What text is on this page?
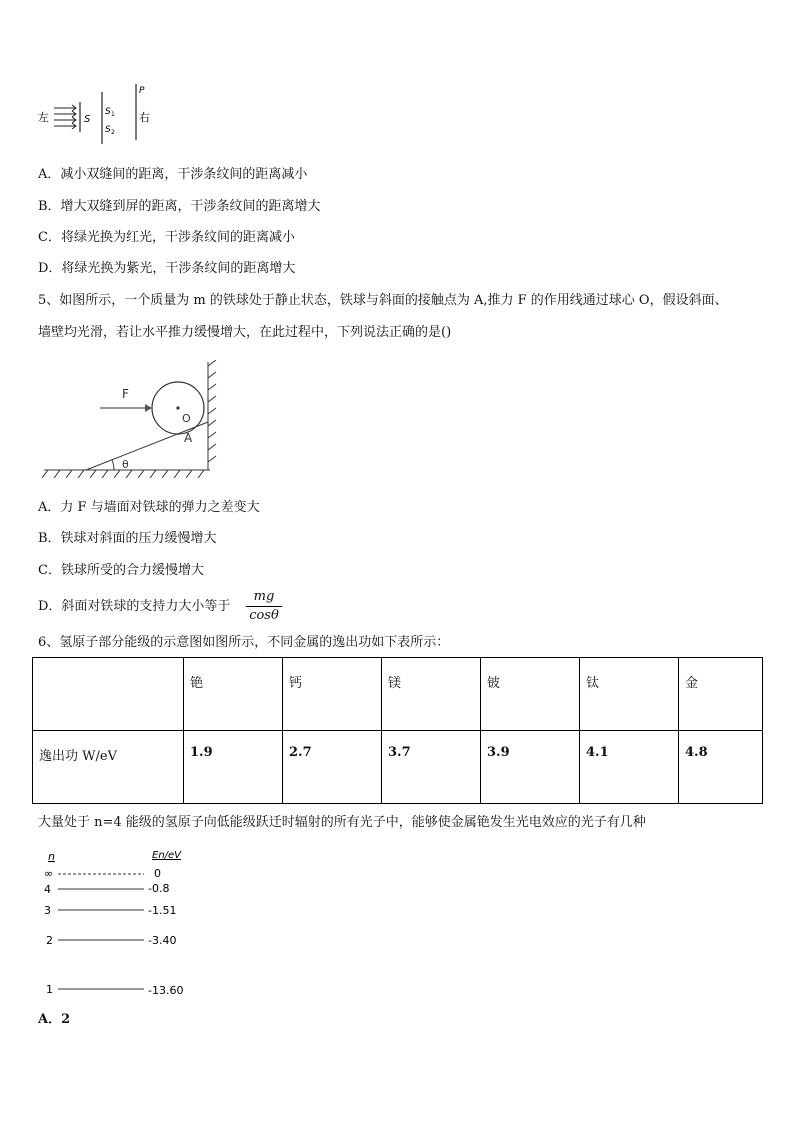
左	S
S 1
S 2
P
右
A．减小双缝间的距离，干涉条纹间的距离减小
B．增大双缝到屏的距离，干涉条纹间的距离增大
C．将绿光换为红光，干涉条纹间的距离减小
D．将绿光换为紫光，干涉条纹间的距离增大
5、如图所示，一个质量为 m 的铁球处于静止状态，铁球与斜面的接触点为 A,推力 F 的作用线通过球心 O，假设斜面、
墙壁均光滑，若让水平推力缓慢增大，在此过程中，下列说法正确的是()
θ
O
F
A
A．力 F 与墙面对铁球的弹力之差变大
B．铁球对斜面的压力缓慢增大
C．铁球所受的合力缓慢增大
D．斜面对铁球的支持力大小等于
mg
cosθ
6、氢原子部分能级的示意图如图所示，不同金属的逸出功如下表所示：
	铯	钙	镁	铍	钛	金
逸出功 W/eV	1.9	2.7	3.7	3.9	4.1	4.8
大量处于 n=4 能级的氢原子向低能级跃迁时辐射的所有光子中，能够使金属铯发生光电效应的光子有几种
n	En/eV
∞	0
4	-0.8
3	-1.51
2	-3.40
1	-13.60
A．2
